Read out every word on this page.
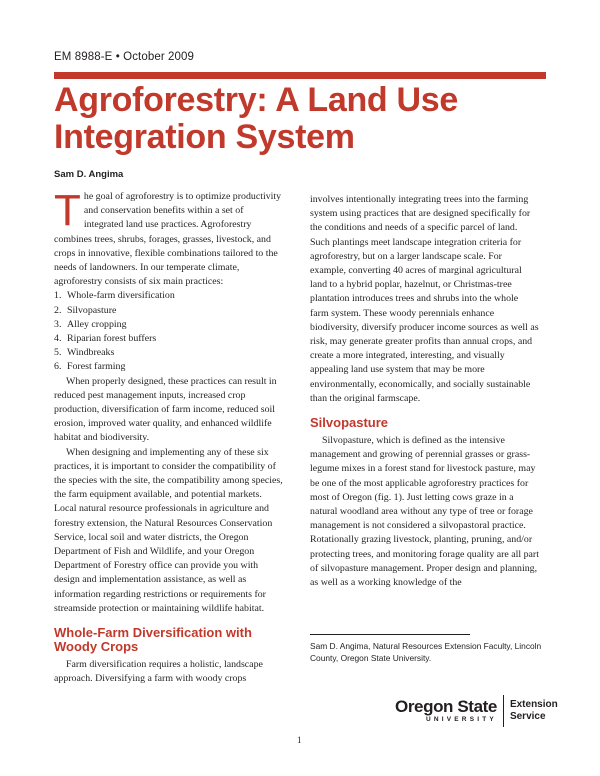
EM 8988-E • October 2009
Agroforestry: A Land Use
Integration System
Sam D. Angima

The goal of agroforestry is to optimize productivity and conservation benefits within a set of integrated land use practices. Agroforestry combines trees, shrubs, forages, grasses, livestock, and crops in innovative, flexible combinations tailored to the needs of landowners. In our temperate climate, agroforestry consists of six main practices:

1. Whole-farm diversification
2. Silvopasture
3. Alley cropping
4. Riparian forest buffers
5. Windbreaks
6. Forest farming

When properly designed, these practices can result in reduced pest management inputs, increased crop production, diversification of farm income, reduced soil erosion, improved water quality, and enhanced wildlife habitat and biodiversity.

When designing and implementing any of these six practices, it is important to consider the compatibility of the species with the site, the compatibility among species, the farm equipment available, and potential markets. Local natural resource professionals in agriculture and forestry extension, the Natural Resources Conservation Service, local soil and water districts, the Oregon Department of Fish and Wildlife, and your Oregon Department of Forestry office can provide you with design and implementation assistance, as well as information regarding restrictions or requirements for streamside protection or maintaining wildlife habitat.

Whole-Farm Diversification with Woody Crops

Farm diversification requires a holistic, landscape approach. Diversifying a farm with woody crops

involves intentionally integrating trees into the farming system using practices that are designed specifically for the conditions and needs of a specific parcel of land. Such plantings meet landscape integration criteria for agroforestry, but on a larger landscape scale. For example, converting 40 acres of marginal agricultural land to a hybrid poplar, hazelnut, or Christmas-tree plantation introduces trees and shrubs into the whole farm system. These woody perennials enhance biodiversity, diversify producer income sources as well as risk, may generate greater profits than annual crops, and create a more integrated, interesting, and visually appealing land use system that may be more environmentally, economically, and socially sustainable than the original farmscape.

Silvopasture

Silvopasture, which is defined as the intensive management and growing of perennial grasses or grass-legume mixes in a forest stand for livestock pasture, may be one of the most applicable agroforestry practices for most of Oregon (fig. 1). Just letting cows graze in a natural woodland area without any type of tree or forage management is not considered a silvopastoral practice. Rotationally grazing livestock, planting, pruning, and/or protecting trees, and monitoring forage quality are all part of silvopasture management. Proper design and planning, as well as a working knowledge of the

Sam D. Angima, Natural Resources Extension Faculty, Lincoln County, Oregon State University.
Oregon State
UNIVERSITY
Extension
Service
1
